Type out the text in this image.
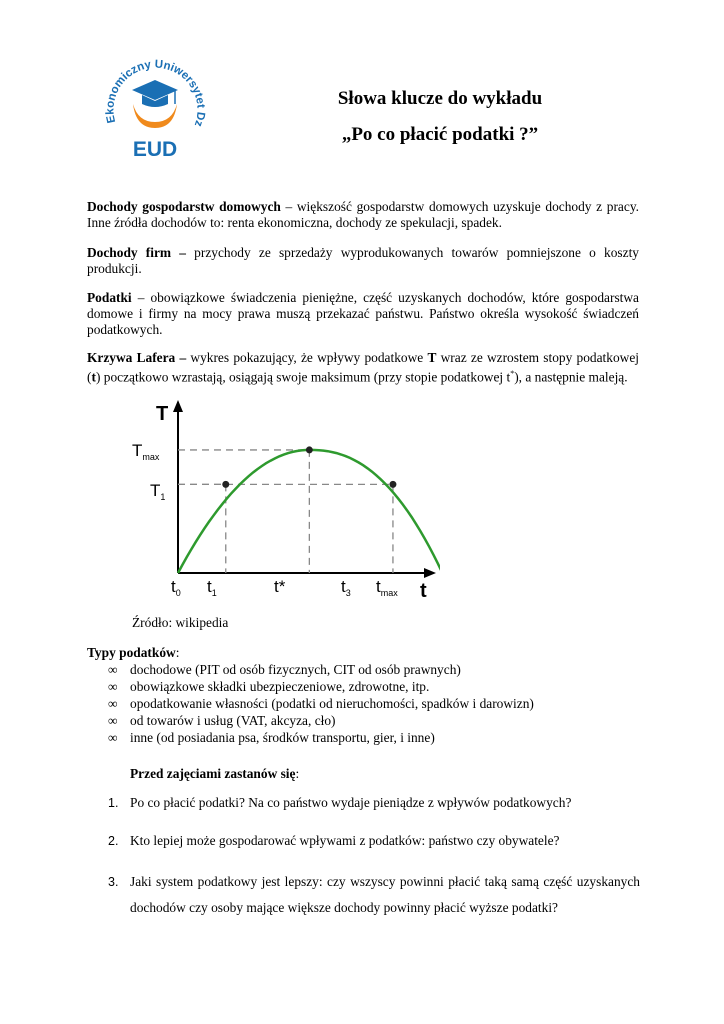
Ekonomiczny Uniwersytet Dz
EUD
Słowa klucze do wykładu
„Po co płacić podatki ?”
Dochody gospodarstw domowych – większość gospodarstw domowych uzyskuje dochody z pracy. Inne źródła dochodów to: renta ekonomiczna, dochody ze spekulacji, spadek.
Dochody firm – przychody ze sprzedaży wyprodukowanych towarów pomniejszone o koszty produkcji.
Podatki – obowiązkowe świadczenia pieniężne, część uzyskanych dochodów, które gospodarstwa domowe i firmy na mocy prawa muszą przekazać państwu. Państwo określa wysokość świadczeń podatkowych.
Krzywa Lafera – wykres pokazujący, że wpływy podatkowe T wraz ze wzrostem stopy podatkowej (t) początkowo wzrastają, osiągają swoje maksimum (przy stopie podatkowej t*), a następnie maleją.
T
t
$T_{max}$
$T_1$
$t_0$ $t_1$	t*	$t_3$ $t_{max}$
Źródło: wikipedia
Typy podatków:
∞ dochodowe (PIT od osób fizycznych, CIT od osób prawnych)
∞ obowiązkowe składki ubezpieczeniowe, zdrowotne, itp.
∞ opodatkowanie własności (podatki od nieruchomości, spadków i darowizn)
∞ od towarów i usług (VAT, akcyza, cło)
∞ inne (od posiadania psa, środków transportu, gier, i inne)
Przed zajęciami zastanów się:
1. Po co płacić podatki? Na co państwo wydaje pieniądze z wpływów podatkowych?
2. Kto lepiej może gospodarować wpływami z podatków: państwo czy obywatele?
3. Jaki system podatkowy jest lepszy: czy wszyscy powinni płacić taką samą część uzyskanych dochodów czy osoby mające większe dochody powinny płacić wyższe podatki?
